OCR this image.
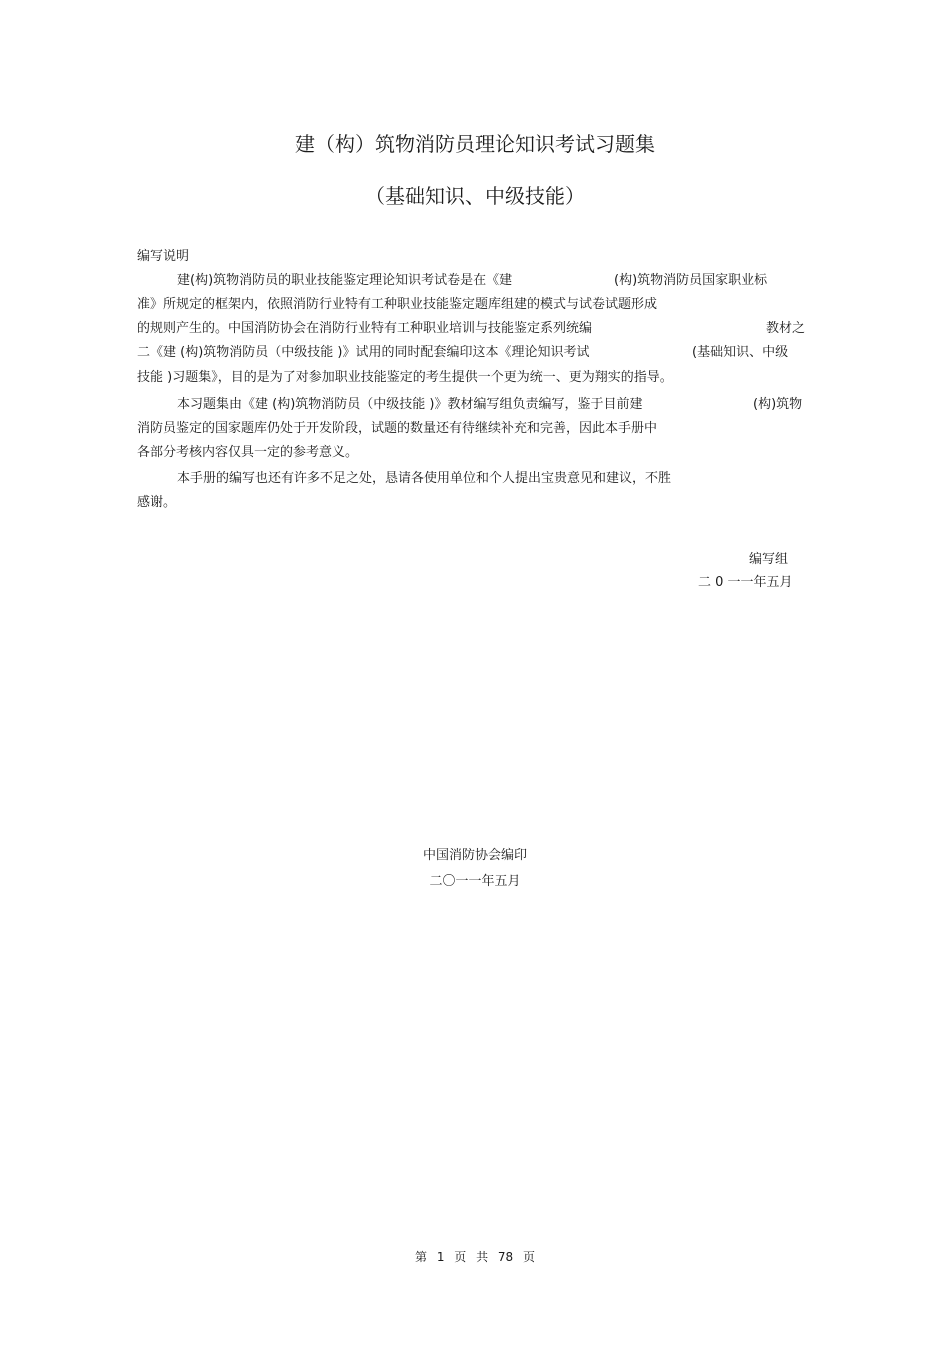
建（构）筑物消防员理论知识考试习题集
（基础知识、中级技能）
编写说明
建(构)筑物消防员的职业技能鉴定理论知识考试卷是在《建	(构)筑物消防员国家职业标
准》所规定的框架内，依照消防行业特有工种职业技能鉴定题库组建的模式与试卷试题形成
的规则产生的。中国消防协会在消防行业特有工种职业培训与技能鉴定系列统编	教材之
二《建 (构)筑物消防员（中级技能 )》试用的同时配套编印这本《理论知识考试	(基础知识、中级
技能 )习题集》，目的是为了对参加职业技能鉴定的考生提供一个更为统一、更为翔实的指导。
本习题集由《建 (构)筑物消防员（中级技能 )》教材编写组负责编写，鉴于目前建	(构)筑物
消防员鉴定的国家题库仍处于开发阶段，试题的数量还有待继续补充和完善，因此本手册中
各部分考核内容仅具一定的参考意义。
本手册的编写也还有许多不足之处，恳请各使用单位和个人提出宝贵意见和建议，不胜
感谢。
编写组
二 0 一一年五月
中国消防协会编印
二〇一一年五月
第 1 页 共 78 页
